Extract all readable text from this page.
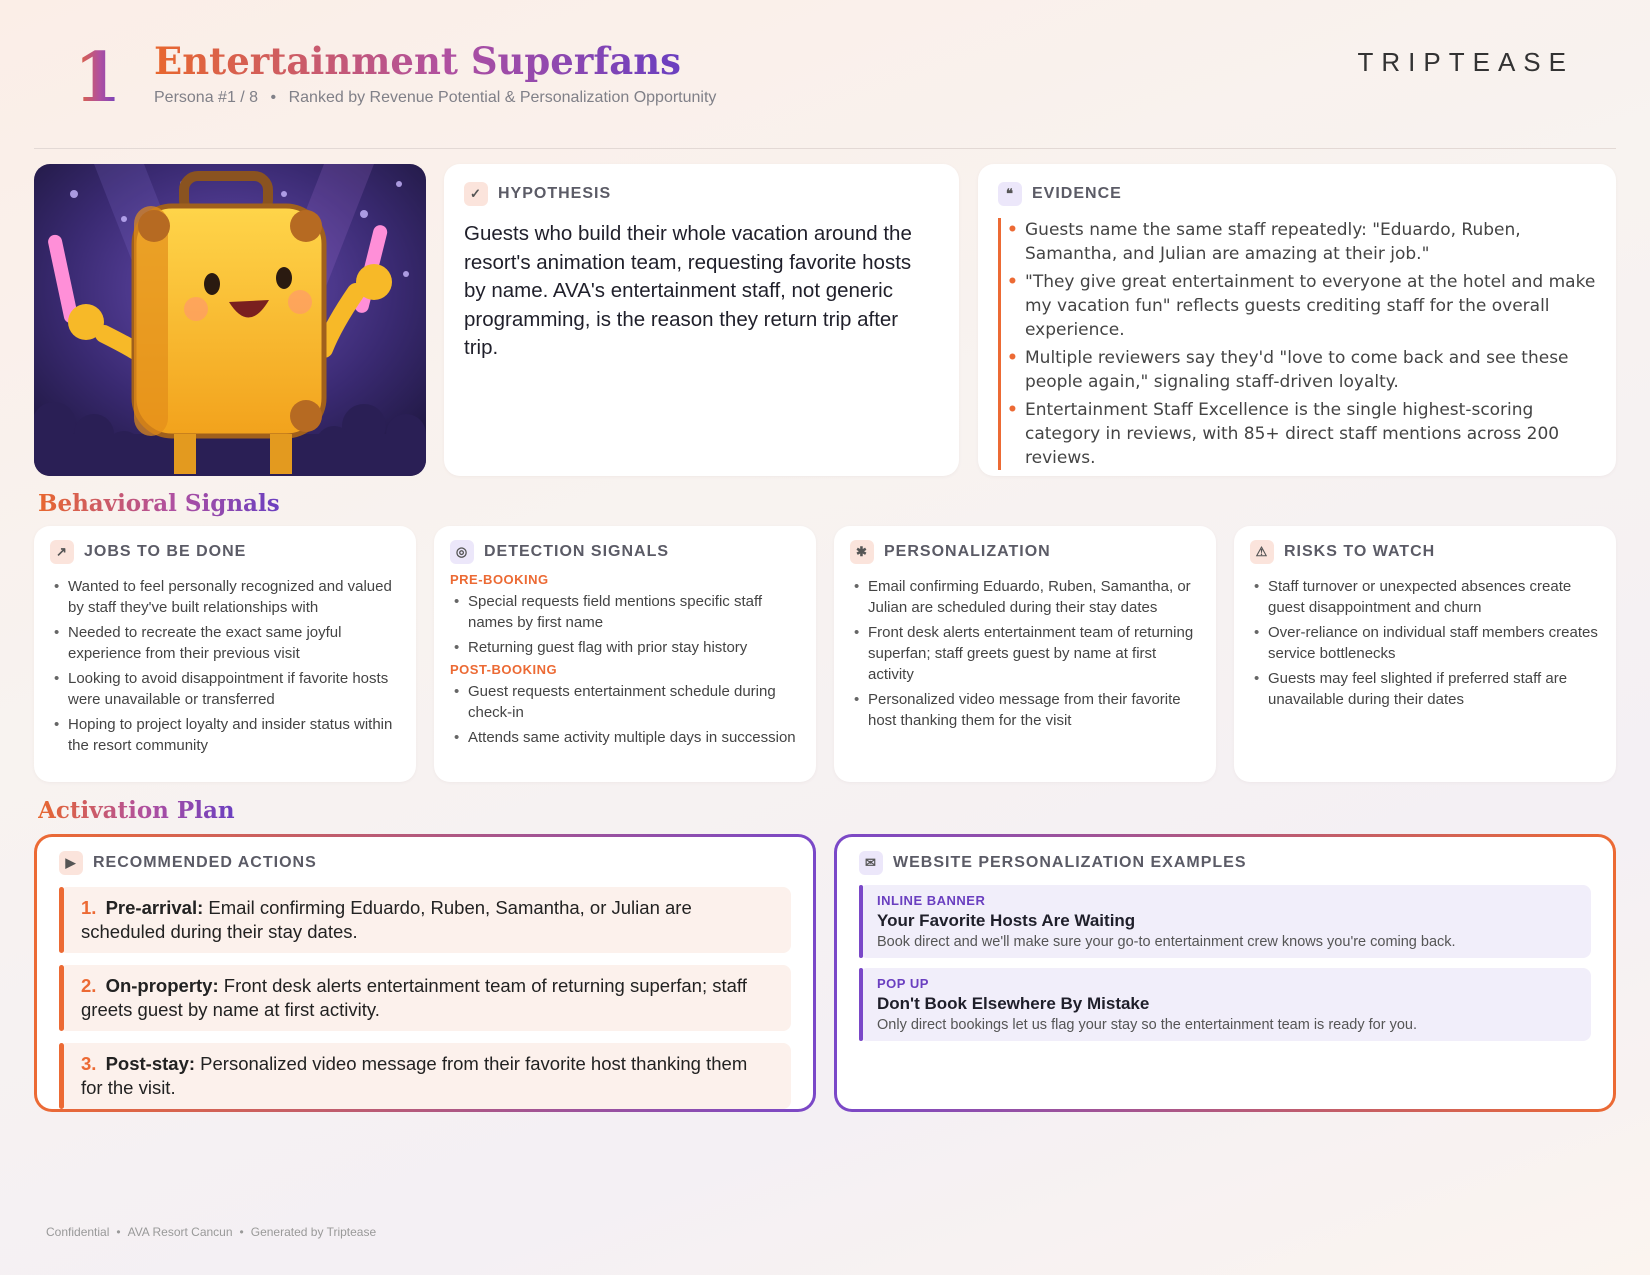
1 Entertainment Superfans
Persona #1 / 8 • Ranked by Revenue Potential & Personalization Opportunity
TRIPTEASE
✓	HYPOTHESIS
Guests who build their whole vacation around the resort's animation team, requesting favorite hosts by name. AVA's entertainment staff, not generic programming, is the reason they return trip after trip.
❝	EVIDENCE
• Guests name the same staff repeatedly: "Eduardo, Ruben, Samantha, and Julian are amazing at their job."
• "They give great entertainment to everyone at the hotel and make my vacation fun" reflects guests crediting staff for the overall experience.
• Multiple reviewers say they'd "love to come back and see these people again," signaling staff-driven loyalty.
• Entertainment Staff Excellence is the single highest-scoring category in reviews, with 85+ direct staff mentions across 200 reviews.
Behavioral Signals
↗	JOBS TO BE DONE
• Wanted to feel personally recognized and valued by staff they've built relationships with
• Needed to recreate the exact same joyful experience from their previous visit
• Looking to avoid disappointment if favorite hosts were unavailable or transferred
• Hoping to project loyalty and insider status within the resort community
◎ DETECTION SIGNALS
PRE-BOOKING
• Special requests field mentions specific staff names by first name
• Returning guest flag with prior stay history
POST-BOOKING
• Guest requests entertainment schedule during check-in
• Attends same activity multiple days in succession
✱	PERSONALIZATION
• Email confirming Eduardo, Ruben, Samantha, or Julian are scheduled during their stay dates
• Front desk alerts entertainment team of returning superfan; staff greets guest by name at first activity
• Personalized video message from their favorite host thanking them for the visit
⚠ RISKS TO WATCH
• Staff turnover or unexpected absences create guest disappointment and churn
• Over-reliance on individual staff members creates service bottlenecks
• Guests may feel slighted if preferred staff are unavailable during their dates
Activation Plan
▶	RECOMMENDED ACTIONS
1. Pre-arrival: Email confirming Eduardo, Ruben, Samantha, or Julian are scheduled during their stay dates.
2. On-property: Front desk alerts entertainment team of returning superfan; staff greets guest by name at first activity.
3. Post-stay: Personalized video message from their favorite host thanking them for the visit.
✉	WEBSITE PERSONALIZATION EXAMPLES
INLINE BANNER
Your Favorite Hosts Are Waiting
Book direct and we'll make sure your go-to entertainment crew knows you're coming back.
POP UP
Don't Book Elsewhere By Mistake
Only direct bookings let us flag your stay so the entertainment team is ready for you.
Confidential • AVA Resort Cancun • Generated by Triptease
